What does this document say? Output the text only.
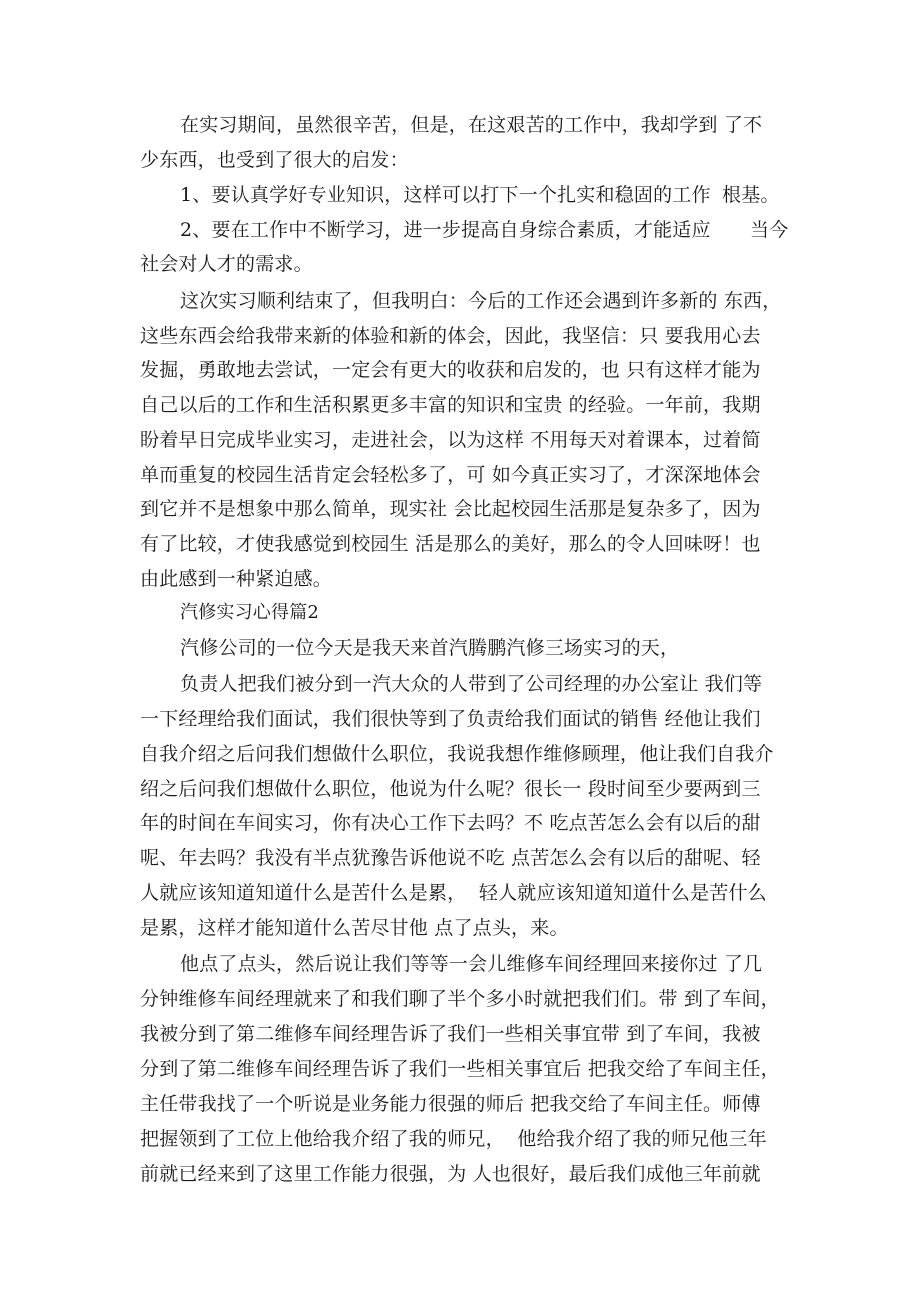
在实习期间，虽然很辛苦，但是，在这艰苦的工作中，我却学到 了不

少东西，也受到了很大的启发：

1、要认真学好专业知识，这样可以打下一个扎实和稳固的工作

根基。

2、要在工作中不断学习，进一步提高自身综合素质，才能适应

当今

社会对人才的需求。

这次实习顺利结束了，但我明白：今后的工作还会遇到许多新的 东西，

这些东西会给我带来新的体验和新的体会，因此，我坚信：只 要我用心去

发掘，勇敢地去尝试，一定会有更大的收获和启发的，也 只有这样才能为

自己以后的工作和生活积累更多丰富的知识和宝贵 的经验。一年前，我期

盼着早日完成毕业实习，走进社会，以为这样 不用每天对着课本，过着简

单而重复的校园生活肯定会轻松多了，可 如今真正实习了，才深深地体会

到它并不是想象中那么简单，现实社 会比起校园生活那是复杂多了，因为

有了比较，才使我感觉到校园生 活是那么的美好，那么的令人回味呀！也

由此感到一种紧迫感。

汽修实习心得篇2

汽修公司的一位今天是我天来首汽腾鹏汽修三场实习的天，

负责人把我们被分到一汽大众的人带到了公司经理的办公室让 我们等

一下经理给我们面试，我们很快等到了负责给我们面试的销售 经他让我们

自我介绍之后问我们想做什么职位，我说我想作维修顾理，他让我们自我介

绍之后问我们想做什么职位，他说为什么呢？很长一 段时间至少要两到三

年的时间在车间实习，你有决心工作下去吗？不 吃点苦怎么会有以后的甜

呢、年去吗？我没有半点犹豫告诉他说不吃 点苦怎么会有以后的甜呢、轻

人就应该知道知道什么是苦什么是累，  轻人就应该知道知道什么是苦什么

是累，这样才能知道什么苦尽甘他 点了点头，来。

他点了点头，然后说让我们等等一会儿维修车间经理回来接你过 了几

分钟维修车间经理就来了和我们聊了半个多小时就把我们们。带 到了车间，

我被分到了第二维修车间经理告诉了我们一些相关事宜带 到了车间，我被

分到了第二维修车间经理告诉了我们一些相关事宜后 把我交给了车间主任，

主任带我找了一个听说是业务能力很强的师后 把我交给了车间主任。师傅

把握领到了工位上他给我介绍了我的师兄，  他给我介绍了我的师兄他三年

前就已经来到了这里工作能力很强，为 人也很好，最后我们成他三年前就
